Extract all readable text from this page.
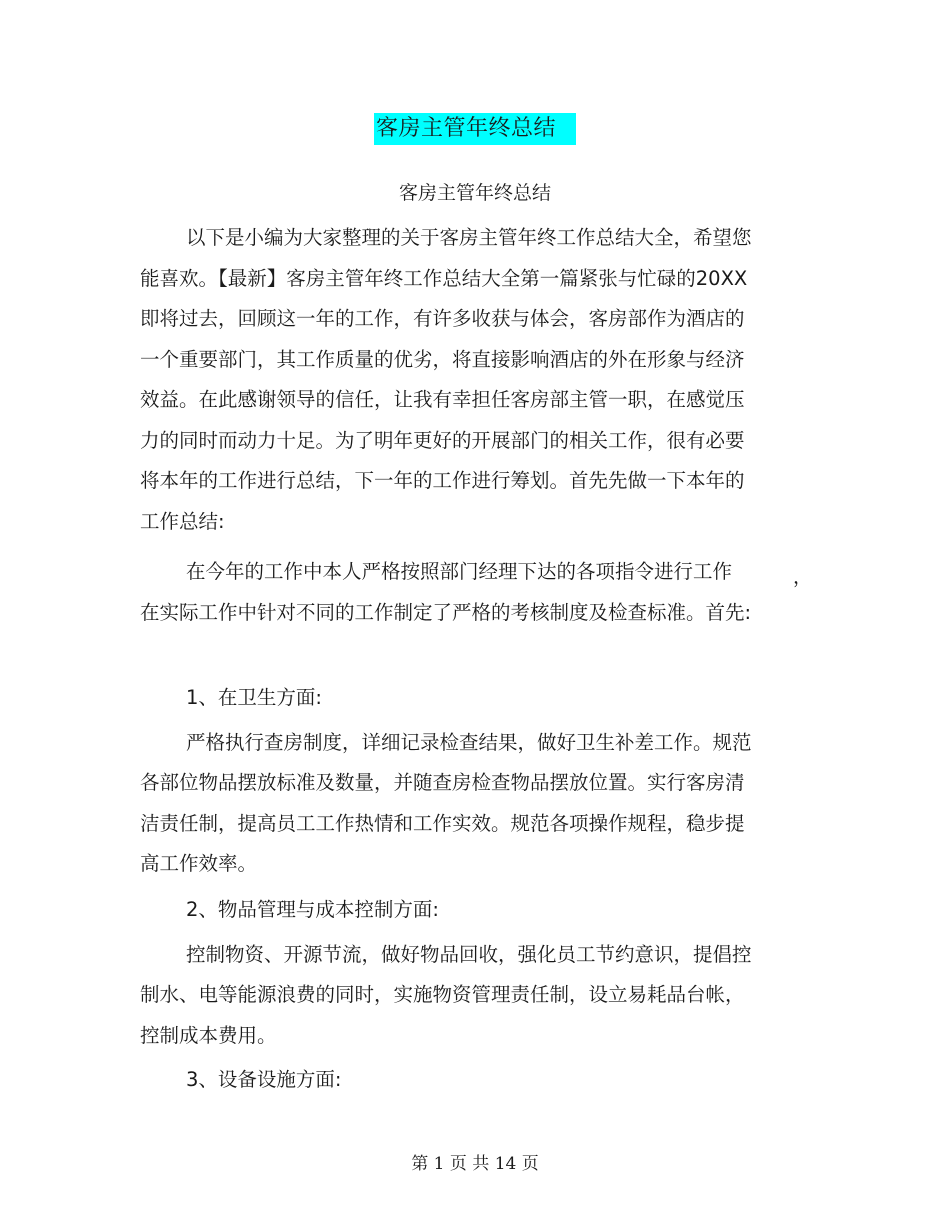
客房主管年终总结
客房主管年终总结

以下是小编为大家整理的关于客房主管年终工作总结大全，希望您能喜欢。【最新】客房主管年终工作总结大全第一篇紧张与忙碌的20XX即将过去，回顾这一年的工作，有许多收获与体会，客房部作为酒店的一个重要部门，其工作质量的优劣，将直接影响酒店的外在形象与经济效益。在此感谢领导的信任，让我有幸担任客房部主管一职，在感觉压力的同时而动力十足。为了明年更好的开展部门的相关工作，很有必要将本年的工作进行总结，下一年的工作进行筹划。首先先做一下本年的工作总结:

在今年的工作中本人严格按照部门经理下达的各项指令进行工作

在实际工作中针对不同的工作制定了严格的考核制度及检查标准。首先:

，

1、在卫生方面:

严格执行查房制度，详细记录检查结果，做好卫生补差工作。规范各部位物品摆放标准及数量，并随查房检查物品摆放位置。实行客房清洁责任制，提高员工工作热情和工作实效。规范各项操作规程，稳步提高工作效率。

2、物品管理与成本控制方面:

控制物资、开源节流，做好物品回收，强化员工节约意识，提倡控制水、电等能源浪费的同时，实施物资管理责任制，设立易耗品台帐，控制成本费用。

3、设备设施方面:

第 1 页 共 14 页
